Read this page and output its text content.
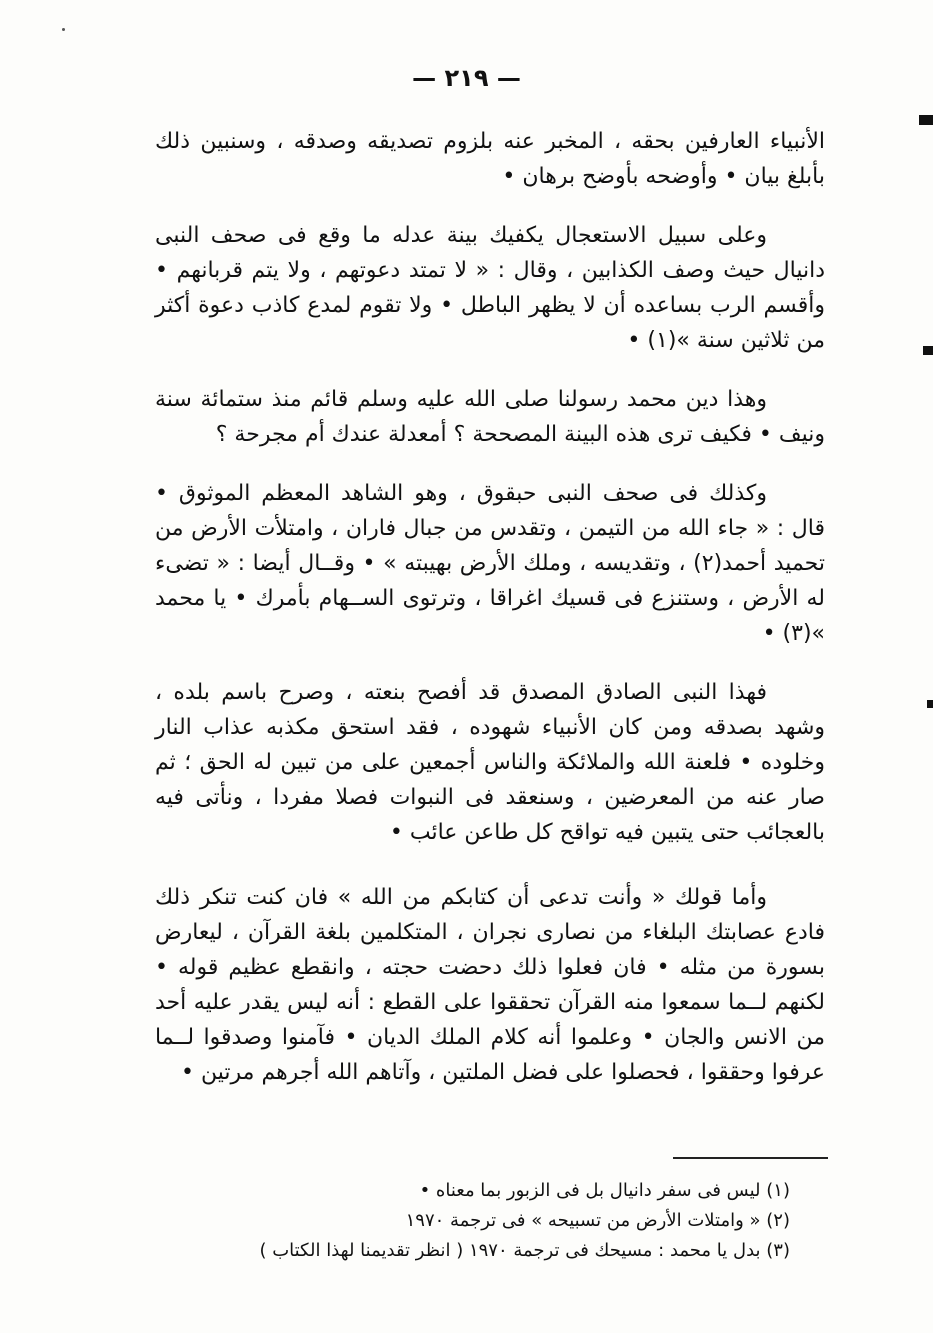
— ٢١٩ —

الأنبياء العارفين بحقه ، المخبر عنه بلزوم تصديقه وصدقه ، وسنبين ذلك بأبلغ بيان • وأوضحه بأوضح برهان •

وعلى سبيل الاستعجال يكفيك بينة عدله ما وقع فى صحف النبى دانيال حيث وصف الكذابين ، وقال : « لا تمتد دعوتهم ، ولا يتم قربانهم • وأقسم الرب بساعده أن لا يظهر الباطل • ولا تقوم لمدع كاذب دعوة أكثر من ثلاثين سنة »(١) •

وهذا دين محمد رسولنا صلى الله عليه وسلم قائم منذ ستمائة سنة ونيف • فكيف ترى هذه البينة المصححة ؟ أمعدلة عندك أم مجرحة ؟

وكذلك فى صحف النبى حبقوق ، وهو الشاهد المعظم الموثوق • قال : « جاء الله من التيمن ، وتقدس من جبال فاران ، وامتلأت الأرض من تحميد أحمد(٢) ، وتقديسه ، وملك الأرض بهيبته » • وقــال أيضا : « تضىء له الأرض ، وستنزع فى قسيك اغراقا ، وترتوى الســهام بأمرك • يا محمد »(٣) •

فهذا النبى الصادق المصدق قد أفصح بنعته ، وصرح باسم بلده ، وشهد بصدقه ومن كان الأنبياء شهوده ، فقد استحق مكذبه عذاب النار وخلوده • فلعنة الله والملائكة والناس أجمعين على من تبين له الحق ؛ ثم صار عنه من المعرضين ، وسنعقد فى النبوات فصلا مفردا ، ونأتى فيه بالعجائب حتى يتبين فيه تواقح كل طاعن عائب •

وأما قولك « وأنت تدعى أن كتابكم من الله » فان كنت تنكر ذلك فادع عصابتك البلغاء من نصارى نجران ، المتكلمين بلغة القرآن ، ليعارض بسورة من مثله • فان فعلوا ذلك دحضت حجته ، وانقطع عظيم قوله • لكنهم لــما سمعوا منه القرآن تحققوا على القطع : أنه ليس يقدر عليه أحد من الانس والجان • وعلموا أنه كلام الملك الديان • فآمنوا وصدقوا لــما عرفوا وحققوا ، فحصلوا على فضل الملتين ، وآتاهم الله أجرهم مرتين •

(١) ليس فى سفر دانيال بل فى الزبور بما معناه •

(٢) « وامتلات الأرض من تسبيحه » فى ترجمة ١٩٧٠

(٣) بدل يا محمد : مسيحك فى ترجمة ١٩٧٠ ( انظر تقديمنا لهذا الكتاب )
